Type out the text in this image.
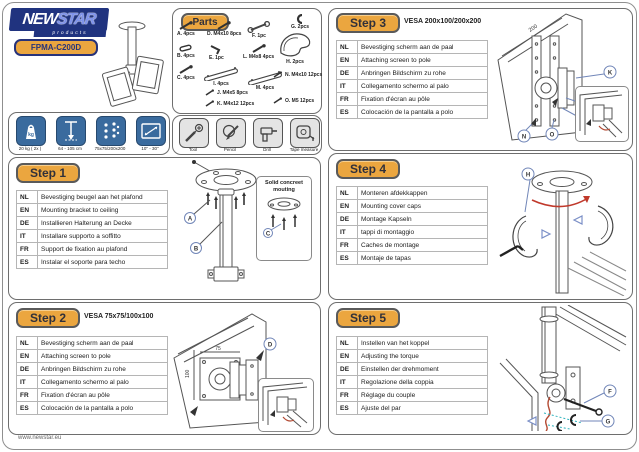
NEW
STAR
products
FPMA-C200D
kg
20 kg ( 2x )	64 - 105 cm	75x75/200x200	10" - 30"
Parts
A. 4pcs D. M4x10 8pcs F. 1pc
G. 2pcs
B. 4pcs	E. 1pc	L. M4x8 4pcs
H. 2pcs
C. 4pcs
I. 4pcs
M. 4pcs
J. M4x5 8pcs
K. M4x12 12pcs
N. M4x10 12pcs
O. M5 12pcs
Tool	Pencil	Drill	Tape measure
Step 1
NL	Bevestiging beugel aan het plafond
EN	Mounting bracket to ceiling
DE	Installieren Halterung an Decke
IT	Installare supporto a soffitto
FR	Support de fixation au plafond
ES	Instalar el soporte para techo
A
B
Solid concreet mouting
C
Step 2	VESA 75x75/100x100
NL	Bevestiging scherm aan de paal
EN	Attaching screen to pole
DE	Anbringen Bildschirm zu rohe
IT	Collegamento schermo al palo
FR	Fixation d'écran au pôle
ES	Colocación de la pantalla a polo
100
75
D
Step 3	VESA 200x100/200x200
NL	Bevestiging scherm aan de paal
EN	Attaching screen to pole
DE	Anbringen Bildschirm zu rohe
IT	Collegamento schermo al palo
FR	Fixation d'écran au pôle
ES	Colocación de la pantalla a polo
200
K
N	O
Step 4
NL	Monteren afdekkappen
EN	Mounting cover caps
DE	Montage Kapseln
IT	tappi di montaggio
FR	Caches de montage
ES	Montaje de tapas
H
Step 5
NL	Instellen van het koppel
EN	Adjusting the torque
DE	Einstellen der drehmoment
IT	Regolazione della coppia
FR	Réglage du couple
ES	Ajuste del par
F
G
www.newstar.eu
